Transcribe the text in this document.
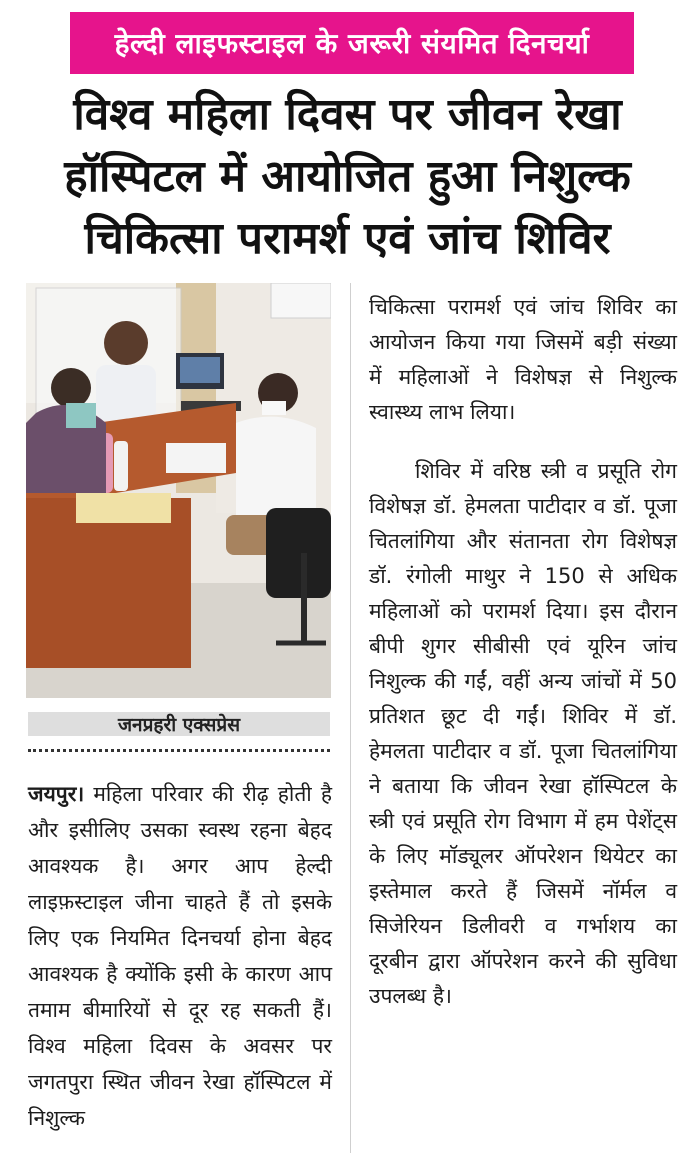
हेल्दी लाइफस्टाइल के जरूरी संयमित दिनचर्या
विश्व महिला दिवस पर जीवन रेखा
हॉस्पिटल में आयोजित हुआ निशुल्क
चिकित्सा परामर्श एवं जांच शिविर
जनप्रहरी एक्सप्रेस
जयपुर। महिला परिवार की रीढ़ होती है और इसीलिए उसका स्वस्थ रहना बेहद आवश्यक है। अगर आप हेल्दी लाइफ़स्टाइल जीना चाहते हैं तो इसके लिए एक नियमित दिनचर्या होना बेहद आवश्यक है क्योंकि इसी के कारण आप तमाम बीमारियों से दूर रह सकती हैं। विश्व महिला दिवस के अवसर पर जगतपुरा स्थित जीवन रेखा हॉस्पिटल में निशुल्क

चिकित्सा परामर्श एवं जांच शिविर का आयोजन किया गया जिसमें बड़ी संख्या में महिलाओं ने विशेषज्ञ से निशुल्क स्वास्थ्य लाभ लिया।

शिविर में वरिष्ठ स्त्री व प्रसूति रोग विशेषज्ञ डॉ. हेमलता पाटीदार व डॉ. पूजा चितलांगिया और संतानता रोग विशेषज्ञ डॉ. रंगोली माथुर ने 150 से अधिक महिलाओं को परामर्श दिया। इस दौरान बीपी शुगर सीबीसी एवं यूरिन जांच निशुल्क की गईं, वहीं अन्य जांचों में 50 प्रतिशत छूट दी गईं। शिविर में डॉ. हेमलता पाटीदार व डॉ. पूजा चितलांगिया ने बताया कि जीवन रेखा हॉस्पिटल के स्त्री एवं प्रसूति रोग विभाग में हम पेशेंट्स के लिए मॉड्यूलर ऑपरेशन थियेटर का इस्तेमाल करते हैं जिसमें नॉर्मल व सिजेरियन डिलीवरी व गर्भाशय का दूरबीन द्वारा ऑपरेशन करने की सुविधा उपलब्ध है।
